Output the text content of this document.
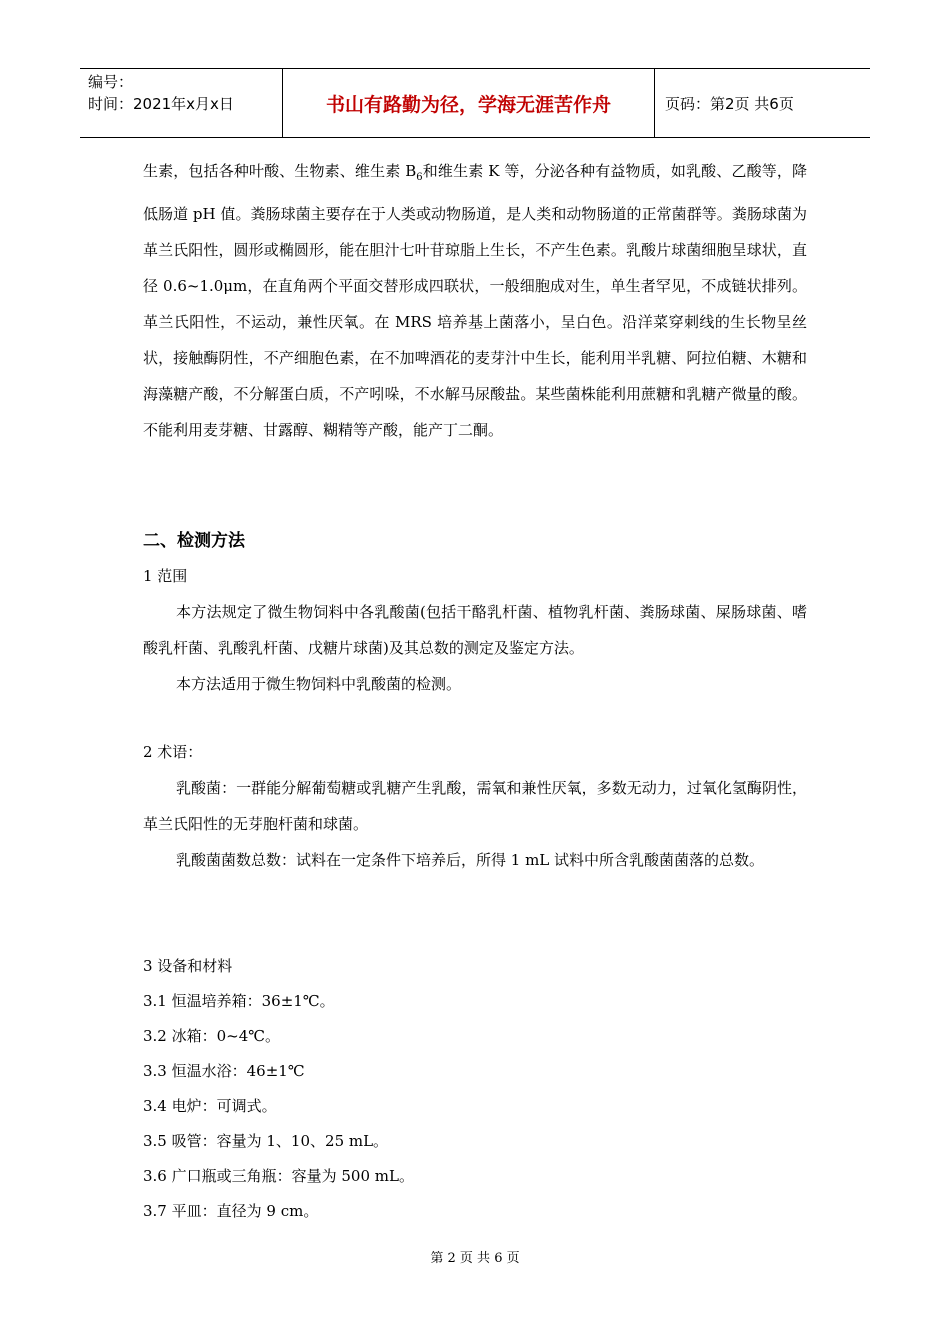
编号：
时间：2021年x月x日	书山有路勤为径，学海无涯苦作舟	页码：第2页 共6页

生素，包括各种叶酸、生物素、维生素 $B_6$和维生素 K 等，分泌各种有益物质，如乳酸、乙酸等，降低肠道 pH 值。粪肠球菌主要存在于人类或动物肠道，是人类和动物肠道的正常菌群等。粪肠球菌为革兰氏阳性，圆形或椭圆形，能在胆汁七叶苷琼脂上生长，不产生色素。乳酸片球菌细胞呈球状，直径 0.6~1.0μm，在直角两个平面交替形成四联状，一般细胞成对生，单生者罕见，不成链状排列。革兰氏阳性，不运动，兼性厌氧。在 MRS 培养基上菌落小，呈白色。沿洋菜穿刺线的生长物呈丝状，接触酶阴性，不产细胞色素，在不加啤酒花的麦芽汁中生长，能利用半乳糖、阿拉伯糖、木糖和海藻糖产酸，不分解蛋白质，不产吲哚，不水解马尿酸盐。某些菌株能利用蔗糖和乳糖产微量的酸。不能利用麦芽糖、甘露醇、糊精等产酸，能产丁二酮。

二、检测方法

1 范围

本方法规定了微生物饲料中各乳酸菌(包括干酪乳杆菌、植物乳杆菌、粪肠球菌、屎肠球菌、嗜酸乳杆菌、乳酸乳杆菌、戊糖片球菌)及其总数的测定及鉴定方法。

本方法适用于微生物饲料中乳酸菌的检测。

2 术语：

乳酸菌：一群能分解葡萄糖或乳糖产生乳酸，需氧和兼性厌氧，多数无动力，过氧化氢酶阴性，革兰氏阳性的无芽胞杆菌和球菌。

乳酸菌菌数总数：试料在一定条件下培养后，所得 1 mL 试料中所含乳酸菌菌落的总数。

3 设备和材料

3.1 恒温培养箱：36±1℃。

3.2 冰箱：0~4℃。

3.3 恒温水浴：46±1℃

3.4 电炉：可调式。

3.5 吸管：容量为 1、10、25 mL。

3.6 广口瓶或三角瓶：容量为 500 mL。

3.7 平皿：直径为 9 cm。

第 2 页 共 6 页
